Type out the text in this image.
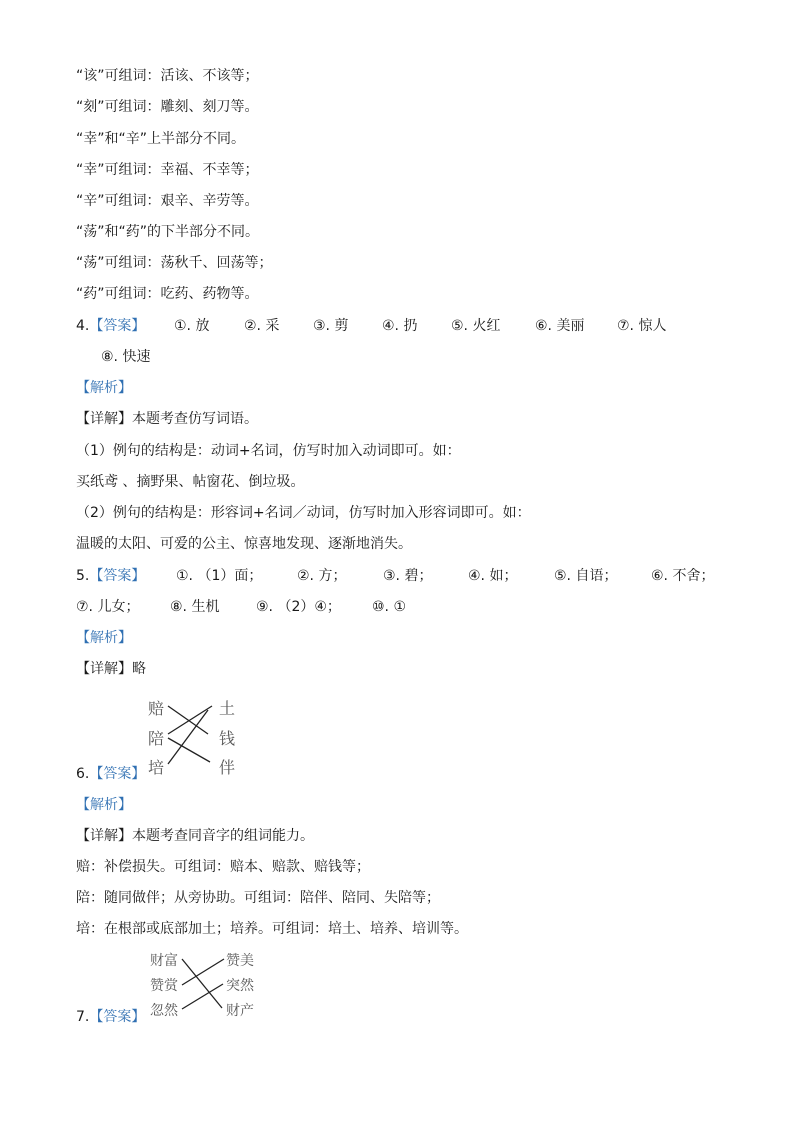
“该”可组词：活该、不该等；
“刻”可组词：雕刻、刻刀等。
“幸”和“辛”上半部分不同。
“幸”可组词：幸福、不幸等；
“辛”可组词：艰辛、辛劳等。
“荡”和“药”的下半部分不同。
“荡”可组词：荡秋千、回荡等；
“药”可组词：吃药、药物等。
4.【答案】 ①. 放 ②. 采 ③. 剪 ④. 扔 ⑤. 火红 ⑥. 美丽 ⑦. 惊人
⑧. 快速
【解析】
【详解】本题考查仿写词语。
（1）例句的结构是：动词+名词，仿写时加入动词即可。如：
买纸鸢 、摘野果、帖窗花、倒垃圾。
（2）例句的结构是：形容词+名词／动词，仿写时加入形容词即可。如：
温暖的太阳、可爱的公主、惊喜地发现、逐渐地消失。
5.【答案】 ①. （1）面； ②. 方；	③. 碧；	④. 如；	⑤. 自语； ⑥. 不舍；
⑦. 儿女； ⑧. 生机	⑨. （2）④； ⑩. ①
【解析】
【详解】略
赔
陪
培
土
钱
伴
6.【答案】
【解析】
【详解】本题考查同音字的组词能力。
赔：补偿损失。可组词：赔本、赔款、赔钱等；
陪：随同做伴；从旁协助。可组词：陪伴、陪同、失陪等；
培：在根部或底部加土；培养。可组词：培土、培养、培训等。
财富
赞赏
忽然
赞美
突然
财产
7.【答案】
